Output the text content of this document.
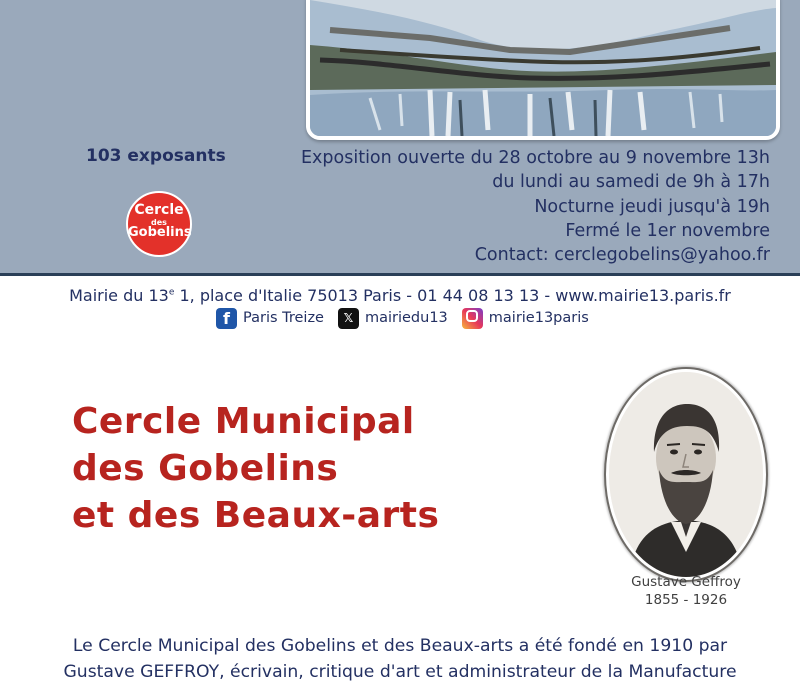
103 exposants
Cercle
des
Gobelins
Exposition ouverte du 28 octobre au 9 novembre 13h
du lundi au samedi de 9h à 17h
Nocturne jeudi jusqu'à 19h
Fermé le 1er novembre
Contact: cerclegobelins@yahoo.fr
Mairie du 13e 1, place d'Italie 75013 Paris - 01 44 08 13 13 - www.mairie13.paris.fr
f Paris Treize	𝕏 mairiedu13	mairie13paris
Cercle Municipal
des Gobelins
et des Beaux-arts
Gustave Geffroy
1855 - 1926
Le Cercle Municipal des Gobelins et des Beaux-arts a été fondé en 1910 par
Gustave GEFFROY, écrivain, critique d'art et administrateur de la Manufacture
